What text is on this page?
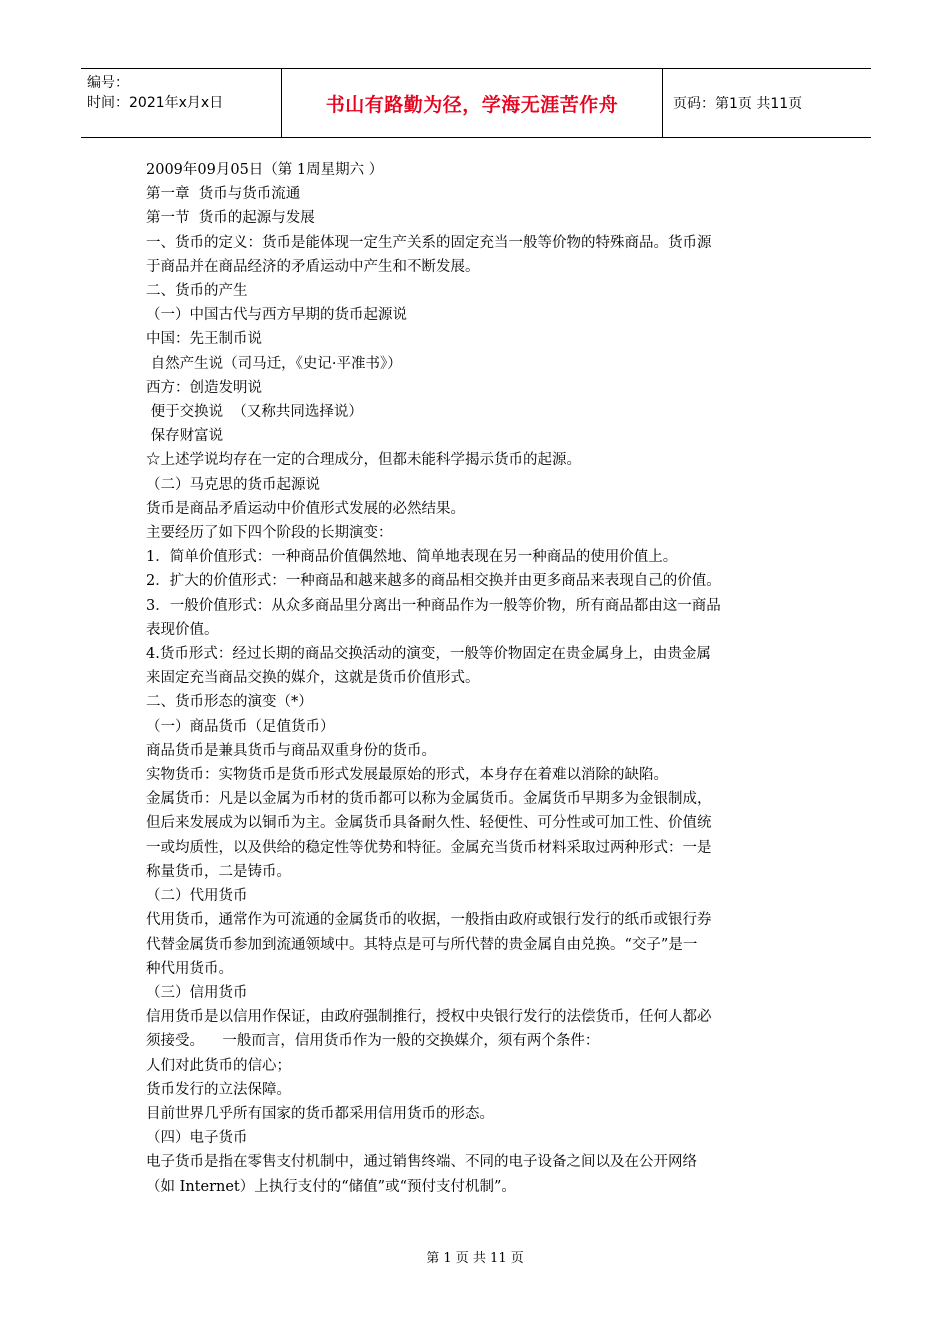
编号：
时间：2021年x月x日	书山有路勤为径，学海无涯苦作舟	页码：第1页 共11页

2009年09月05日（第 1周星期六 ）

第一章  货币与货币流通

第一节  货币的起源与发展

一、货币的定义：货币是能体现一定生产关系的固定充当一般等价物的特殊商品。货币源

于商品并在商品经济的矛盾运动中产生和不断发展。

二、货币的产生

（一）中国古代与西方早期的货币起源说

中国：先王制币说

自然产生说（司马迁，《史记·平准书》）

西方：创造发明说

便于交换说  （又称共同选择说）

保存财富说

☆上述学说均存在一定的合理成分，但都未能科学揭示货币的起源。

（二）马克思的货币起源说

货币是商品矛盾运动中价值形式发展的必然结果。

主要经历了如下四个阶段的长期演变：

1．简单价值形式：一种商品价值偶然地、简单地表现在另一种商品的使用价值上。

2．扩大的价值形式：一种商品和越来越多的商品相交换并由更多商品来表现自己的价值。

3．一般价值形式：从众多商品里分离出一种商品作为一般等价物，所有商品都由这一商品

表现价值。

4.货币形式：经过长期的商品交换活动的演变，一般等价物固定在贵金属身上，由贵金属

来固定充当商品交换的媒介，这就是货币价值形式。

二、货币形态的演变（*）

（一）商品货币（足值货币）

商品货币是兼具货币与商品双重身份的货币。

实物货币：实物货币是货币形式发展最原始的形式，本身存在着难以消除的缺陷。

金属货币：凡是以金属为币材的货币都可以称为金属货币。金属货币早期多为金银制成，

但后来发展成为以铜币为主。金属货币具备耐久性、轻便性、可分性或可加工性、价值统

一或均质性，以及供给的稳定性等优势和特征。金属充当货币材料采取过两种形式：一是

称量货币，二是铸币。

（二）代用货币

代用货币，通常作为可流通的金属货币的收据，一般指由政府或银行发行的纸币或银行券

代替金属货币参加到流通领域中。其特点是可与所代替的贵金属自由兑换。“交子”是一

种代用货币。

（三）信用货币

信用货币是以信用作保证，由政府强制推行，授权中央银行发行的法偿货币，任何人都必

须接受。    一般而言，信用货币作为一般的交换媒介，须有两个条件：

人们对此货币的信心；

货币发行的立法保障。

目前世界几乎所有国家的货币都采用信用货币的形态。

（四）电子货币

电子货币是指在零售支付机制中，通过销售终端、不同的电子设备之间以及在公开网络

（如 Internet）上执行支付的“储值”或“预付支付机制”。

第 1 页 共 11 页
